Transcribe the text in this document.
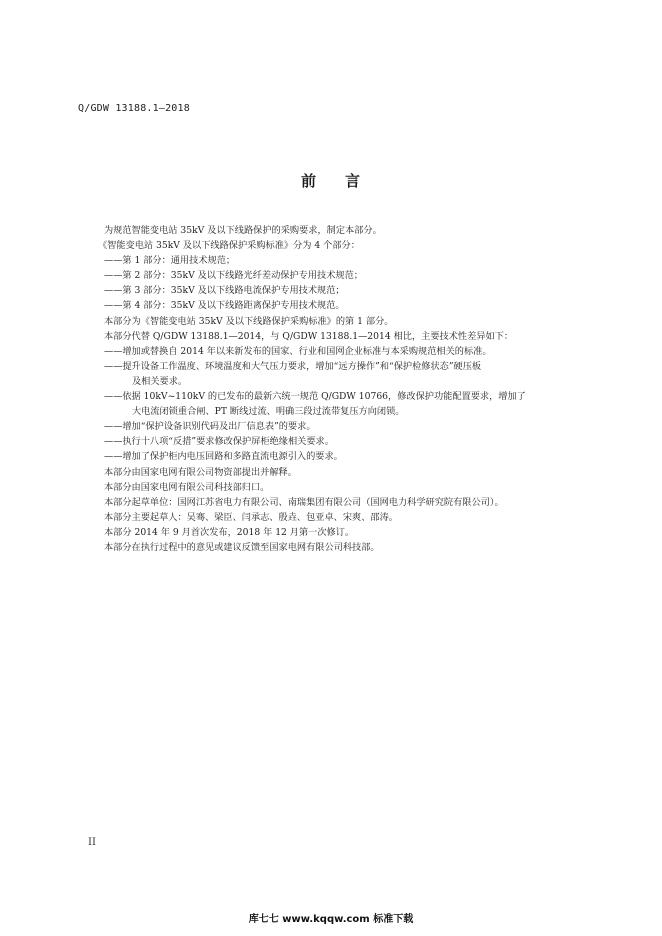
Q/GDW 13188.1—2018
前 言
为规范智能变电站 35kV 及以下线路保护的采购要求，制定本部分。
《智能变电站 35kV 及以下线路保护采购标准》分为 4 个部分：
——第 1 部分：通用技术规范；
——第 2 部分：35kV 及以下线路光纤差动保护专用技术规范；
——第 3 部分：35kV 及以下线路电流保护专用技术规范；
——第 4 部分：35kV 及以下线路距离保护专用技术规范。
本部分为《智能变电站 35kV 及以下线路保护采购标准》的第 1 部分。
本部分代替 Q/GDW 13188.1—2014，与 Q/GDW 13188.1—2014 相比，主要技术性差异如下：
——增加或替换自 2014 年以来新发布的国家、行业和国网企业标准与本采购规范相关的标准。
——提升设备工作温度、环境温度和大气压力要求，增加“远方操作”和“保护检修状态”硬压板
及相关要求。
——依据 10kV~110kV 的已发布的最新六统一规范 Q/GDW 10766，修改保护功能配置要求，增加了
大电流闭锁重合闸、PT 断线过流、明确三段过流带复压方向闭锁。
——增加“保护设备识别代码及出厂信息表”的要求。
——执行十八项“反措”要求修改保护屏柜绝缘相关要求。
——增加了保护柜内电压回路和多路直流电源引入的要求。
本部分由国家电网有限公司物资部提出并解释。
本部分由国家电网有限公司科技部归口。
本部分起草单位：国网江苏省电力有限公司、南瑞集团有限公司（国网电力科学研究院有限公司）。
本部分主要起草人：吴骞、梁臣、闫承志、殷垚、包亚卓、宋爽、邵涛。
本部分 2014 年 9 月首次发布，2018 年 12 月第一次修订。
本部分在执行过程中的意见或建议反馈至国家电网有限公司科技部。
II
库七七 www.kqqw.com 标准下载
